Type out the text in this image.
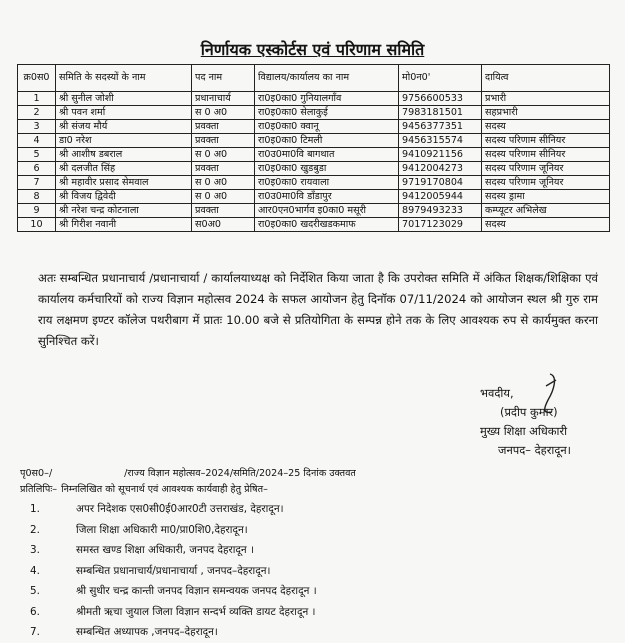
निर्णायक एस्कोर्टस एवं परिणाम समिति
क्र0स0	समिति के सदस्यों के नाम	पद नाम	विद्यालय/कार्यालय का नाम	मो0न0'	दायित्व
1	श्री सुनील जोशी	प्रधानाचार्य	रा0इ0का0 गुनियालगाँव	9756600533	प्रभारी
2	श्री पवन शर्मा	स 0 अ0	रा0इ0का0 सेलाकुई	7983181501	सहप्रभारी
3	श्री संजय मौर्य	प्रवक्ता	रा0इ0का0 क्वानू	9456377351	सदस्य
4	डा0 नरेश	प्रवक्ता	रा0इ0का0 टिमली	9456315574	सदस्य परिणाम सीनियर
5	श्री आशीष डबराल	स 0 अ0	रा0उ0मा0वि बागथात	9410921156	सदस्य परिणाम सीनियर
6	श्री दलजीत सिंह	प्रवक्ता	रा0इ0का0 खुडबुडा	9412004273	सदस्य परिणाम जूनियर
7	श्री महावीर प्रसाद सेमवाल	स 0 अ0	रा0इ0का0 रायवाला	9719170804	सदस्य परिणाम जूनियर
8	श्री विजय द्विवेदी	स 0 अ0	रा0उ0मा0वि डाँडापुर	9412005944	सदस्य ड्रामा
9	श्री नरेश चन्द्र कोटनाला	प्रवक्ता	आर0एन0भार्गव इ0का0 मसूरी	8979493233	कम्प्यूटर अभिलेख
10	श्री गिरीश नवानी	स0अ0	रा0इ0का0 खदरीखडकमाफ	7017123029	सदस्य
अतः सम्बन्धित प्रधानाचार्य /प्रधानाचार्या / कार्यालयाध्यक्ष को निर्देशित किया जाता है कि उपरोक्त समिति में अंकित शिक्षक/शिक्षिका एवं कार्यालय कर्मचारियों को राज्य विज्ञान महोत्सव 2024 के सफल आयोजन हेतु दिनॉक 07/11/2024 को आयोजन स्थल श्री गुरु राम राय लक्षमण इण्टर कॉलेज पथरीबाग में प्रातः 10.00 बजे से प्रतियोगिता के सम्पन्न होने तक के लिए आवश्यक रुप से कार्यमुक्त करना सुनिश्चित करें।
भवदीय,
(प्रदीप कुमार)
मुख्य शिक्षा अधिकारी
जनपद– देहरादून।
पृ0स0–/	/राज्य विज्ञान महोत्सव–2024/समिति/2024–25 दिनांक उक्तवत
प्रतिलिपिः– निम्नलिखित को सूचनार्थ एवं आवश्यक कार्यवाही हेतु प्रेषित–
1.	अपर निदेशक एस0सी0ई0आर0टी उत्तराखंड, देहरादून।
2.	जिला शिक्षा अधिकारी मा0/प्रा0शि0,देहरादून।
3.	समस्त खण्ड शिक्षा अधिकारी, जनपद देहरादून ।
4.	सम्बन्धित प्रधानाचार्य/प्रधानाचार्या , जनपद–देहरादून।
5.	श्री सुधीर चन्द्र कान्ती जनपद विज्ञान समन्वयक जनपद देहरादून ।
6.	श्रीमती ऋचा जुयाल जिला विज्ञान सन्दर्भ व्यक्ति डायट देहरादून ।
7.	सम्बन्धित अध्यापक ,जनपद–देहरादून।
